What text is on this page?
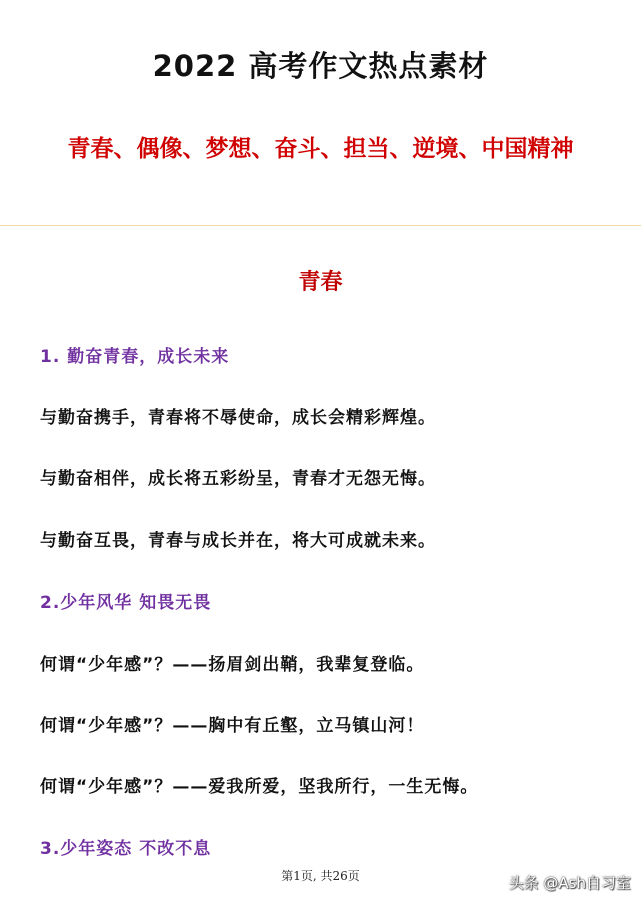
2022 高考作文热点素材
青春、偶像、梦想、奋斗、担当、逆境、中国精神
青春
1. 勤奋青春，成长未来
与勤奋携手，青春将不辱使命，成长会精彩辉煌。
与勤奋相伴，成长将五彩纷呈，青春才无怨无悔。
与勤奋互畏，青春与成长并在，将大可成就未来。
2.少年风华 知畏无畏
何谓“少年感”？——扬眉剑出鞘，我辈复登临。
何谓“少年感”？——胸中有丘壑，立马镇山河！
何谓“少年感”？——爱我所爱，坚我所行，一生无悔。
3.少年姿态 不改不息
第1页, 共26页	头条 @Ash自习室
